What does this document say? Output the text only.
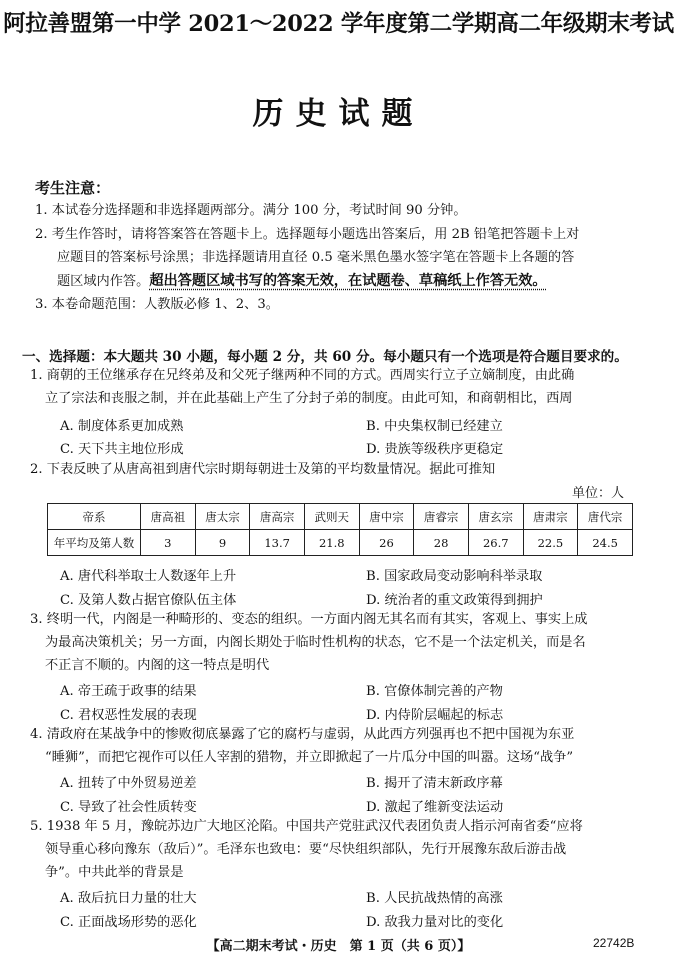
阿拉善盟第一中学 2021～2022 学年度第二学期高二年级期末考试
历史试题
考生注意：
1. 本试卷分选择题和非选择题两部分。满分 100 分，考试时间 90 分钟。
2. 考生作答时，请将答案答在答题卡上。选择题每小题选出答案后，用 2B 铅笔把答题卡上对
应题目的答案标号涂黑；非选择题请用直径 0.5 毫米黑色墨水签字笔在答题卡上各题的答
题区域内作答。超出答题区域书写的答案无效，在试题卷、草稿纸上作答无效。
3. 本卷命题范围：人教版必修 1、2、3。
一、选择题：本大题共 30 小题，每小题 2 分，共 60 分。每小题只有一个选项是符合题目要求的。
1. 商朝的王位继承存在兄终弟及和父死子继两种不同的方式。西周实行立子立嫡制度，由此确
立了宗法和丧服之制，并在此基础上产生了分封子弟的制度。由此可知，和商朝相比，西周
A. 制度体系更加成熟	B. 中央集权制已经建立
C. 天下共主地位形成	D. 贵族等级秩序更稳定
2. 下表反映了从唐高祖到唐代宗时期每朝进士及第的平均数量情况。据此可推知
单位：人
帝系	唐高祖	唐太宗	唐高宗	武则天	唐中宗	唐睿宗	唐玄宗	唐肃宗	唐代宗
年平均及第人数	3	9	13.7	21.8	26	28	26.7	22.5	24.5
A. 唐代科举取士人数逐年上升	B. 国家政局变动影响科举录取
C. 及第人数占据官僚队伍主体	D. 统治者的重文政策得到拥护
3. 终明一代，内阁是一种畸形的、变态的组织。一方面内阁无其名而有其实，客观上、事实上成
为最高决策机关；另一方面，内阁长期处于临时性机构的状态，它不是一个法定机关，而是名
不正言不顺的。内阁的这一特点是明代
A. 帝王疏于政事的结果	B. 官僚体制完善的产物
C. 君权恶性发展的表现	D. 内侍阶层崛起的标志
4. 清政府在某战争中的惨败彻底暴露了它的腐朽与虚弱，从此西方列强再也不把中国视为东亚
“睡狮”，而把它视作可以任人宰割的猎物，并立即掀起了一片瓜分中国的叫嚣。这场“战争”
A. 扭转了中外贸易逆差	B. 揭开了清末新政序幕
C. 导致了社会性质转变	D. 激起了维新变法运动
5. 1938 年 5 月，豫皖苏边广大地区沦陷。中国共产党驻武汉代表团负责人指示河南省委“应将
领导重心移向豫东（敌后）”。毛泽东也致电：要“尽快组织部队，先行开展豫东敌后游击战
争”。中共此举的背景是
A. 敌后抗日力量的壮大	B. 人民抗战热情的高涨
C. 正面战场形势的恶化	D. 敌我力量对比的变化
【高二期末考试・历史　第 1 页（共 6 页）】	22742B
